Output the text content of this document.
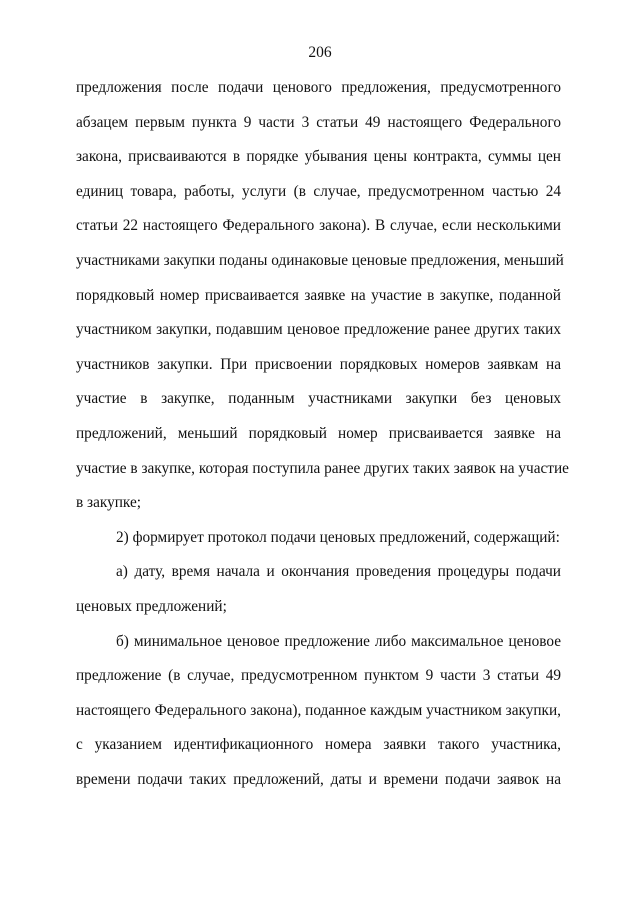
206
предложения после подачи ценового предложения, предусмотренного
абзацем первым пункта 9 части 3 статьи 49 настоящего Федерального
закона, присваиваются в порядке убывания цены контракта, суммы цен
единиц товара, работы, услуги (в случае, предусмотренном частью 24
статьи 22 настоящего Федерального закона). В случае, если несколькими
участниками закупки поданы одинаковые ценовые предложения, меньший
порядковый номер присваивается заявке на участие в закупке, поданной
участником закупки, подавшим ценовое предложение ранее других таких
участников закупки. При присвоении порядковых номеров заявкам на
участие в закупке, поданным участниками закупки без ценовых
предложений, меньший порядковый номер присваивается заявке на
участие в закупке, которая поступила ранее других таких заявок на участие
в закупке;
2) формирует протокол подачи ценовых предложений, содержащий:
а) дату, время начала и окончания проведения процедуры подачи
ценовых предложений;
б) минимальное ценовое предложение либо максимальное ценовое
предложение (в случае, предусмотренном пунктом 9 части 3 статьи 49
настоящего Федерального закона), поданное каждым участником закупки,
с указанием идентификационного номера заявки такого участника,
времени подачи таких предложений, даты и времени подачи заявок на
